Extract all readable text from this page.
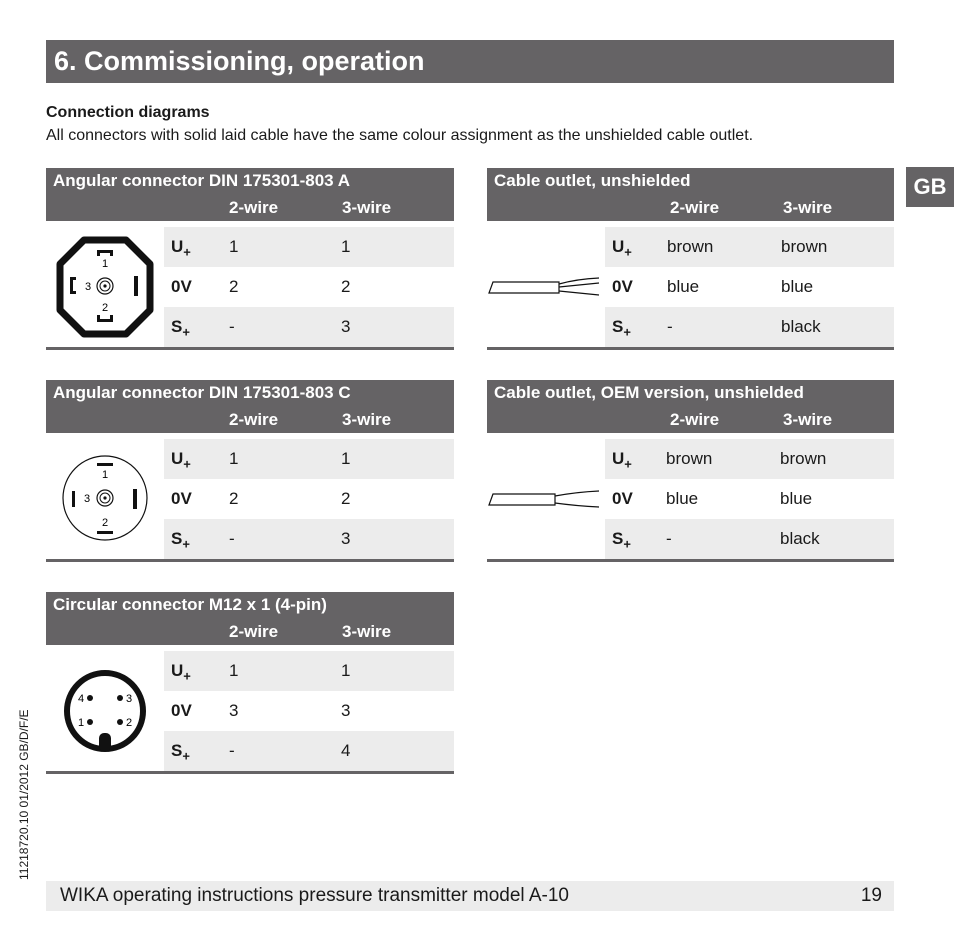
6. Commissioning, operation
Connection diagrams
All connectors with solid laid cable have the same colour assignment as the unshielded cable outlet.
GB
Angular connector DIN 175301-803 A
2-wire	3-wire
1
3
2
$U_+$ 1	1
0V 2	2
$S_+$ -	3
Cable outlet, unshielded
2-wire	3-wire
$U_+$ brown	brown
0V blue	blue
$S_+$ -	black
Angular connector DIN 175301-803 C
2-wire	3-wire
1
3
2
$U_+$ 1	1
0V 2	2
$S_+$ -	3
Cable outlet, OEM version, unshielded
2-wire	3-wire
$U_+$ brown	brown
0V blue	blue
$S_+$ -	black
Circular connector M12 x 1 (4-pin)
2-wire	3-wire
4	3
1	2
$U_+$ 1	1
0V 3	3
$S_+$ -	4
11218720.10 01/2012 GB/D/F/E
WIKA operating instructions pressure transmitter model A-10	19
